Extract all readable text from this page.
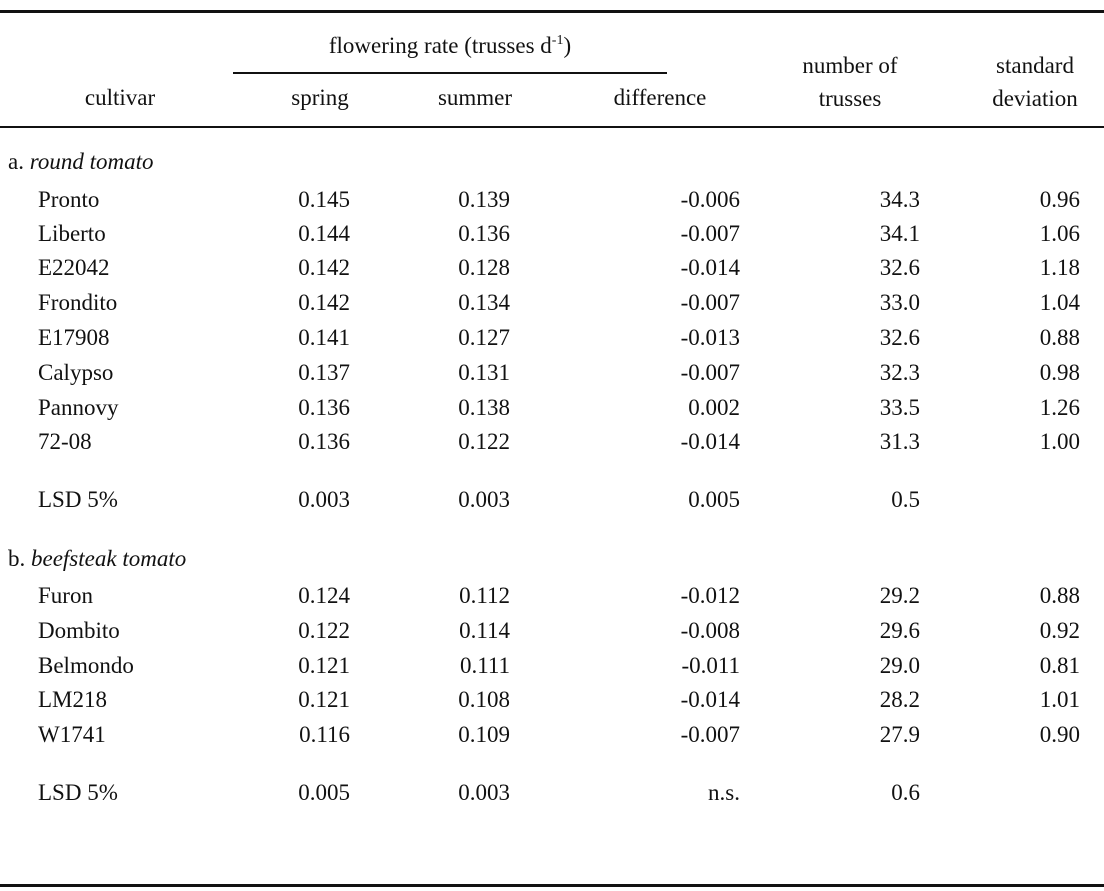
flowering rate (trusses $d^{-1}$)
cultivar	spring	summer	difference
number of
trusses
standard
deviation
a. round tomato
Pronto	0.145	0.139	-0.006	34.3	0.96
Liberto	0.144	0.136	-0.007	34.1	1.06
E22042	0.142	0.128	-0.014	32.6	1.18
Frondito	0.142	0.134	-0.007	33.0	1.04
E17908	0.141	0.127	-0.013	32.6	0.88
Calypso	0.137	0.131	-0.007	32.3	0.98
Pannovy	0.136	0.138	0.002	33.5	1.26
72-08	0.136	0.122	-0.014	31.3	1.00
LSD 5%	0.003	0.003	0.005	0.5
b. beefsteak tomato
Furon	0.124	0.112	-0.012	29.2	0.88
Dombito	0.122	0.114	-0.008	29.6	0.92
Belmondo	0.121	0.111	-0.011	29.0	0.81
LM218	0.121	0.108	-0.014	28.2	1.01
W1741	0.116	0.109	-0.007	27.9	0.90
LSD 5%	0.005	0.003	n.s.	0.6
